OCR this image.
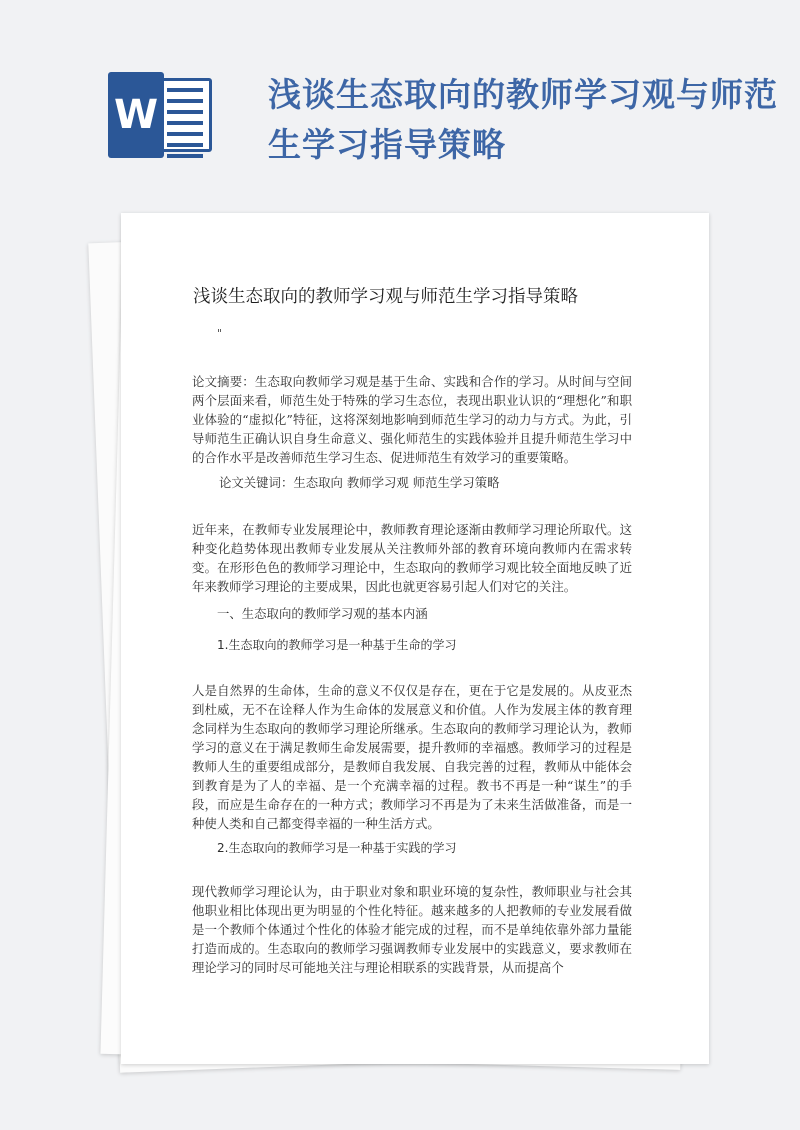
W	浅谈生态取向的教师学习观与师范生学习指导策略
浅谈生态取向的教师学习观与师范生学习指导策略
"

论文摘要：生态取向教师学习观是基于生命、实践和合作的学习。从时间与空间两个层面来看，师范生处于特殊的学习生态位，表现出职业认识的“理想化”和职业体验的“虚拟化”特征，这将深刻地影响到师范生学习的动力与方式。为此，引导师范生正确认识自身生命意义、强化师范生的实践体验并且提升师范生学习中的合作水平是改善师范生学习生态、促进师范生有效学习的重要策略。

论文关键词：生态取向 教师学习观 师范生学习策略

近年来，在教师专业发展理论中，教师教育理论逐渐由教师学习理论所取代。这种变化趋势体现出教师专业发展从关注教师外部的教育环境向教师内在需求转变。在形形色色的教师学习理论中，生态取向的教师学习观比较全面地反映了近年来教师学习理论的主要成果，因此也就更容易引起人们对它的关注。

一、生态取向的教师学习观的基本内涵

1.生态取向的教师学习是一种基于生命的学习

人是自然界的生命体，生命的意义不仅仅是存在，更在于它是发展的。从皮亚杰到杜威，无不在诠释人作为生命体的发展意义和价值。人作为发展主体的教育理念同样为生态取向的教师学习理论所继承。生态取向的教师学习理论认为，教师学习的意义在于满足教师生命发展需要，提升教师的幸福感。教师学习的过程是教师人生的重要组成部分，是教师自我发展、自我完善的过程，教师从中能体会到教育是为了人的幸福、是一个充满幸福的过程。教书不再是一种“谋生”的手段，而应是生命存在的一种方式；教师学习不再是为了未来生活做准备，而是一种使人类和自己都变得幸福的一种生活方式。

2.生态取向的教师学习是一种基于实践的学习

现代教师学习理论认为，由于职业对象和职业环境的复杂性，教师职业与社会其他职业相比体现出更为明显的个性化特征。越来越多的人把教师的专业发展看做是一个教师个体通过个性化的体验才能完成的过程，而不是单纯依靠外部力量能打造而成的。生态取向的教师学习强调教师专业发展中的实践意义，要求教师在理论学习的同时尽可能地关注与理论相联系的实践背景，从而提高个
